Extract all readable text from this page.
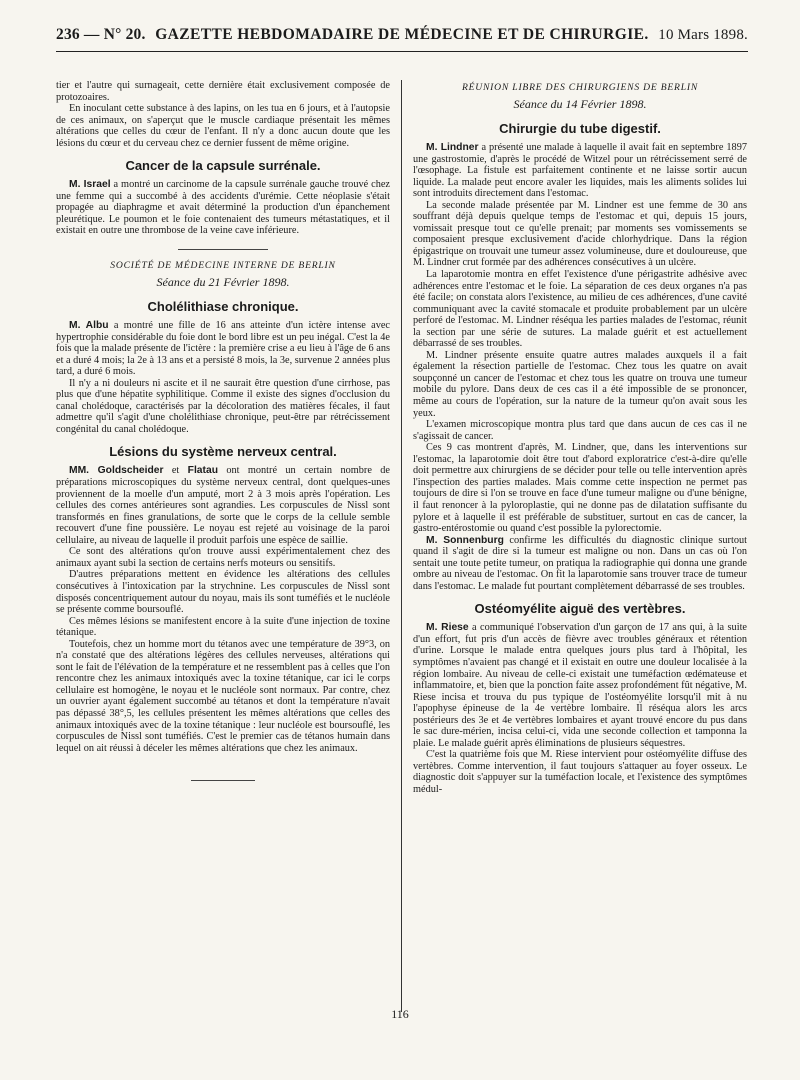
236 — N° 20. GAZETTE HEBDOMADAIRE DE MÉDECINE ET DE CHIRURGIE. 10 Mars 1898.

tier et l'autre qui surnageait, cette dernière était exclusivement composée de protozoaires.

En inoculant cette substance à des lapins, on les tua en 6 jours, et à l'autopsie de ces animaux, on s'aperçut que le muscle cardiaque présentait les mêmes altérations que celles du cœur de l'enfant. Il n'y a donc aucun doute que les lésions du cœur et du cerveau chez ce dernier fussent de même origine.

Cancer de la capsule surrénale.

M. Israel a montré un carcinome de la capsule surrénale gauche trouvé chez une femme qui a succombé à des accidents d'urémie. Cette néoplasie s'était propagée au diaphragme et avait déterminé la production d'un épanchement pleurétique. Le poumon et le foie contenaient des tumeurs métastatiques, et il existait en outre une thrombose de la veine cave inférieure.

SOCIÉTÉ DE MÉDECINE INTERNE DE BERLIN
Séance du 21 Février 1898.
Cholélithiase chronique.

M. Albu a montré une fille de 16 ans atteinte d'un ictère intense avec hypertrophie considérable du foie dont le bord libre est un peu inégal. C'est la 4e fois que la malade présente de l'ictère : la première crise a eu lieu à l'âge de 6 ans et a duré 4 mois; la 2e à 13 ans et a persisté 8 mois, la 3e, survenue 2 années plus tard, a duré 6 mois.

Il n'y a ni douleurs ni ascite et il ne saurait être question d'une cirrhose, pas plus que d'une hépatite syphilitique. Comme il existe des signes d'occlusion du canal cholédoque, caractérisés par la décoloration des matières fécales, il faut admettre qu'il s'agit d'une cholélithiase chronique, peut-être par rétrécissement congénital du canal cholédoque.

Lésions du système nerveux central.

MM. Goldscheider et Flatau ont montré un certain nombre de préparations microscopiques du système nerveux central, dont quelques-unes proviennent de la moelle d'un amputé, mort 2 à 3 mois après l'opération. Les cellules des cornes antérieures sont agrandies. Les corpuscules de Nissl sont transformés en fines granulations, de sorte que le corps de la cellule semble recouvert d'une fine poussière. Le noyau est rejeté au voisinage de la paroi cellulaire, au niveau de laquelle il produit parfois une espèce de saillie.

Ce sont des altérations qu'on trouve aussi expérimentalement chez des animaux ayant subi la section de certains nerfs moteurs ou sensitifs.

D'autres préparations mettent en évidence les altérations des cellules consécutives à l'intoxication par la strychnine. Les corpuscules de Nissl sont disposés concentriquement autour du noyau, mais ils sont tuméfiés et le nucléole se présente comme boursouflé.

Ces mêmes lésions se manifestent encore à la suite d'une injection de toxine tétanique.

Toutefois, chez un homme mort du tétanos avec une température de 39°3, on n'a constaté que des altérations légères des cellules nerveuses, altérations qui sont le fait de l'élévation de la température et ne ressemblent pas à celles que l'on rencontre chez les animaux intoxiqués avec la toxine tétanique, car ici le corps cellulaire est homogène, le noyau et le nucléole sont normaux. Par contre, chez un ouvrier ayant également succombé au tétanos et dont la température n'avait pas dépassé 38°,5, les cellules présentent les mêmes altérations que celles des animaux intoxiqués avec de la toxine tétanique : leur nucléole est boursouflé, les corpuscules de Nissl sont tuméfiés. C'est le premier cas de tétanos humain dans lequel on ait réussi à déceler les mêmes altérations que chez les animaux.

RÉUNION LIBRE DES CHIRURGIENS DE BERLIN
Séance du 14 Février 1898.
Chirurgie du tube digestif.

M. Lindner a présenté une malade à laquelle il avait fait en septembre 1897 une gastrostomie, d'après le procédé de Witzel pour un rétrécissement serré de l'œsophage. La fistule est parfaitement continente et ne laisse sortir aucun liquide. La malade peut encore avaler les liquides, mais les aliments solides lui sont introduits directement dans l'estomac.

La seconde malade présentée par M. Lindner est une femme de 30 ans souffrant déjà depuis quelque temps de l'estomac et qui, depuis 15 jours, vomissait presque tout ce qu'elle prenait; par moments ses vomissements se composaient presque exclusivement d'acide chlorhydrique. Dans la région épigastrique on trouvait une tumeur assez volumineuse, dure et douloureuse, que M. Lindner crut formée par des adhérences consécutives à un ulcère.

La laparotomie montra en effet l'existence d'une périgastrite adhésive avec adhérences entre l'estomac et le foie. La séparation de ces deux organes n'a pas été facile; on constata alors l'existence, au milieu de ces adhérences, d'une cavité communiquant avec la cavité stomacale et produite probablement par un ulcère perforé de l'estomac. M. Lindner réséqua les parties malades de l'estomac, réunit la section par une série de sutures. La malade guérit et est actuellement débarrassé de ses troubles.

M. Lindner présente ensuite quatre autres malades auxquels il a fait également la résection partielle de l'estomac. Chez tous les quatre on avait soupçonné un cancer de l'estomac et chez tous les quatre on trouva une tumeur mobile du pylore. Dans deux de ces cas il a été impossible de se prononcer, même au cours de l'opération, sur la nature de la tumeur qu'on avait sous les yeux.

L'examen microscopique montra plus tard que dans aucun de ces cas il ne s'agissait de cancer.

Ces 9 cas montrent d'après, M. Lindner, que, dans les interventions sur l'estomac, la laparotomie doit être tout d'abord exploratrice c'est-à-dire qu'elle doit permettre aux chirurgiens de se décider pour telle ou telle intervention après l'inspection des parties malades. Mais comme cette inspection ne permet pas toujours de dire si l'on se trouve en face d'une tumeur maligne ou d'une bénigne, il faut renoncer à la pyloroplastie, qui ne donne pas de dilatation suffisante du pylore et à laquelle il est préférable de substituer, surtout en cas de cancer, la gastro-entérostomie ou quand c'est possible la pylorectomie.

M. Sonnenburg confirme les difficultés du diagnostic clinique surtout quand il s'agit de dire si la tumeur est maligne ou non. Dans un cas où l'on sentait une toute petite tumeur, on pratiqua la radiographie qui donna une grande ombre au niveau de l'estomac. On fit la laparotomie sans trouver trace de tumeur dans l'estomac. Le malade fut pourtant complètement débarrassé de ses troubles.

Ostéomyélite aiguë des vertèbres.

M. Riese a communiqué l'observation d'un garçon de 17 ans qui, à la suite d'un effort, fut pris d'un accès de fièvre avec troubles généraux et rétention d'urine. Lorsque le malade entra quelques jours plus tard à l'hôpital, les symptômes n'avaient pas changé et il existait en outre une douleur localisée à la région lombaire. Au niveau de celle-ci existait une tuméfaction œdémateuse et inflammatoire, et, bien que la ponction faite assez profondément fût négative, M. Riese incisa et trouva du pus typique de l'ostéomyélite lorsqu'il mit à nu l'apophyse épineuse de la 4e vertèbre lombaire. Il réséqua alors les arcs postérieurs des 3e et 4e vertèbres lombaires et ayant trouvé encore du pus dans le sac dure-mérien, incisa celui-ci, vida une seconde collection et tamponna la plaie. Le malade guérit après éliminations de plusieurs séquestres.

C'est la quatrième fois que M. Riese intervient pour ostéomyélite diffuse des vertèbres. Comme intervention, il faut toujours s'attaquer au foyer osseux. Le diagnostic doit s'appuyer sur la tuméfaction locale, et l'existence des symptômes médul-

116
